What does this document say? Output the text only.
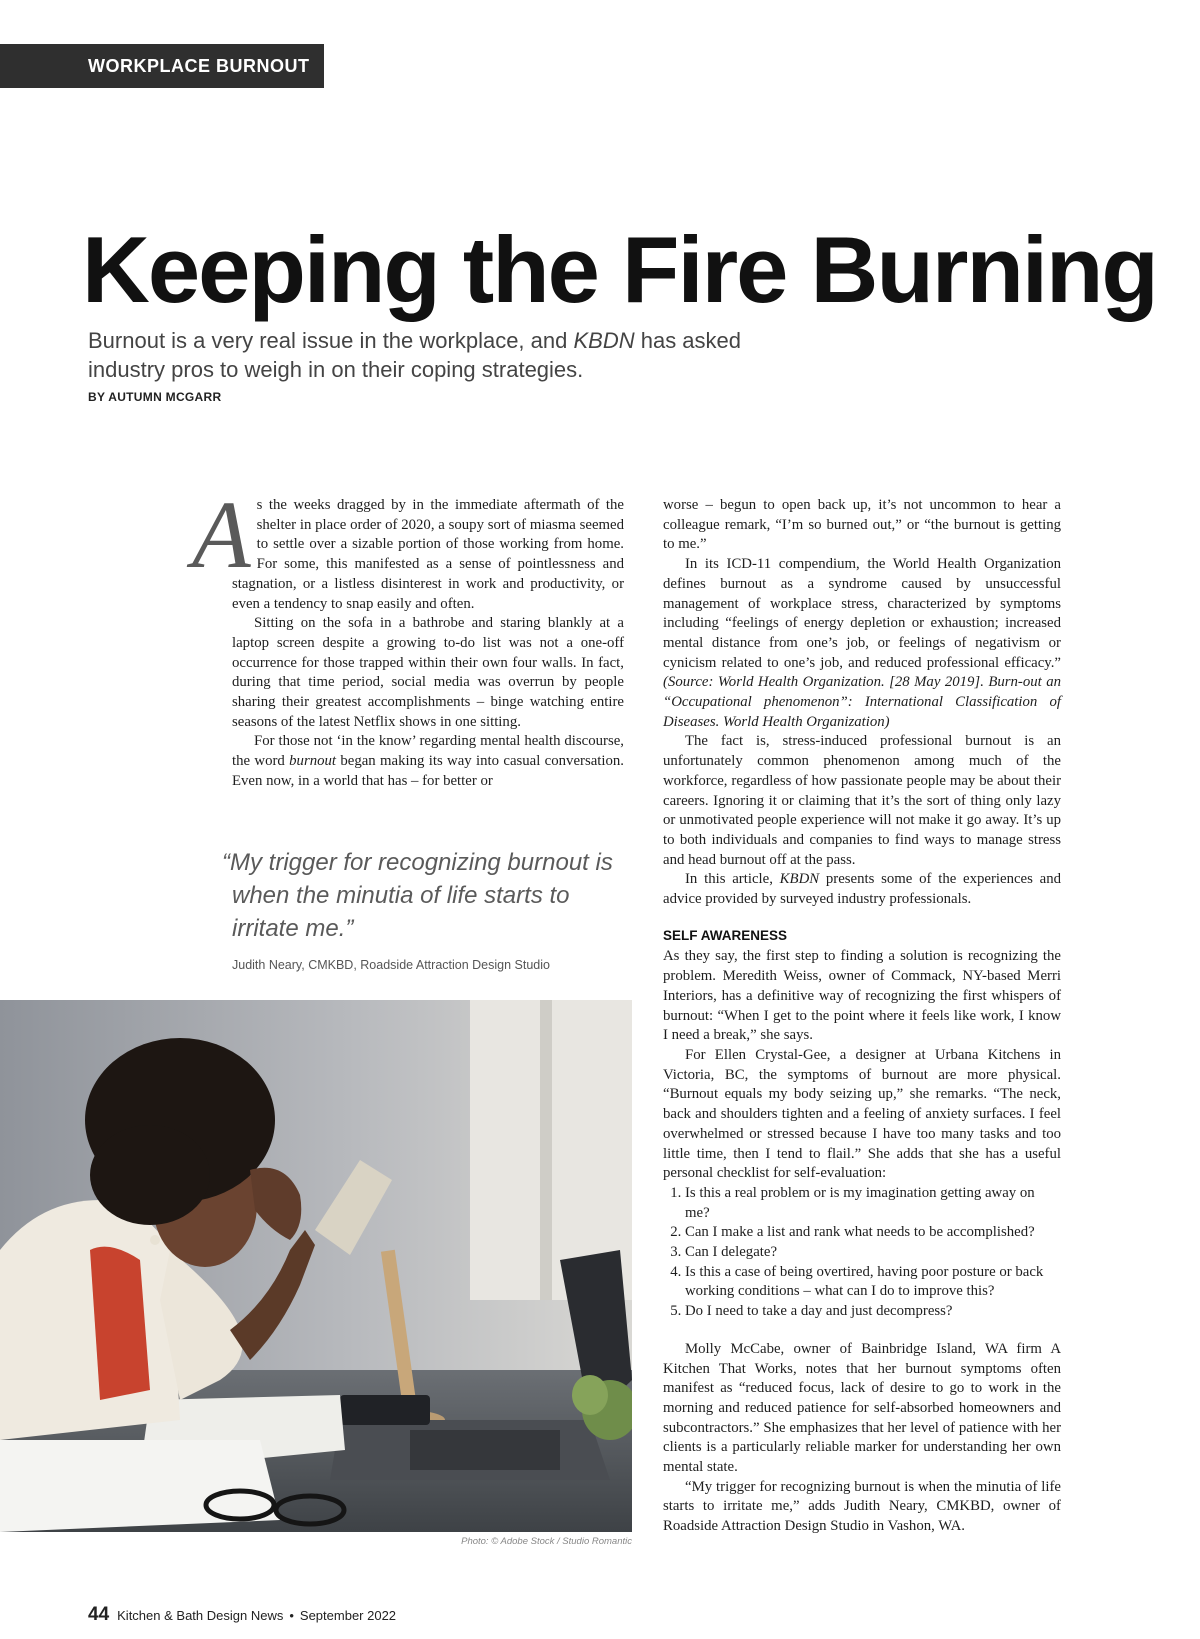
WORKPLACE BURNOUT
Keeping the Fire Burning

Burnout is a very real issue in the workplace, and KBDN has asked industry pros to weigh in on their coping strategies.

BY AUTUMN MCGARR

As the weeks dragged by in the immediate aftermath of the shelter in place order of 2020, a soupy sort of miasma seemed to settle over a sizable portion of those working from home. For some, this manifested as a sense of pointlessness and stagnation, or a listless disinterest in work and productivity, or even a tendency to snap easily and often.

Sitting on the sofa in a bathrobe and staring blankly at a laptop screen despite a growing to-do list was not a one-off occurrence for those trapped within their own four walls. In fact, during that time period, social media was overrun by people sharing their greatest accomplishments – binge watching entire seasons of the latest Netflix shows in one sitting.

For those not ‘in the know’ regarding mental health discourse, the word burnout began making its way into casual conversation. Even now, in a world that has – for better or

“My trigger for recognizing burnout is when the minutia of life starts to irritate me.”
Judith Neary, CMKBD, Roadside Attraction Design Studio
Photo: © Adobe Stock / Studio Romantic

worse – begun to open back up, it’s not uncommon to hear a colleague remark, “I’m so burned out,” or “the burnout is getting to me.”

In its ICD-11 compendium, the World Health Organization defines burnout as a syndrome caused by unsuccessful management of workplace stress, characterized by symptoms including “feelings of energy depletion or exhaustion; increased mental distance from one’s job, or feelings of negativism or cynicism related to one’s job, and reduced professional efficacy.” (Source: World Health Organization. [28 May 2019]. Burn-out an “Occupational phenomenon”: International Classification of Diseases. World Health Organization)

The fact is, stress-induced professional burnout is an unfortunately common phenomenon among much of the workforce, regardless of how passionate people may be about their careers. Ignoring it or claiming that it’s the sort of thing only lazy or unmotivated people experience will not make it go away. It’s up to both individuals and companies to find ways to manage stress and head burnout off at the pass.

In this article, KBDN presents some of the experiences and advice provided by surveyed industry professionals.

SELF AWARENESS

As they say, the first step to finding a solution is recognizing the problem. Meredith Weiss, owner of Commack, NY-based Merri Interiors, has a definitive way of recognizing the first whispers of burnout: “When I get to the point where it feels like work, I know I need a break,” she says.

For Ellen Crystal-Gee, a designer at Urbana Kitchens in Victoria, BC, the symptoms of burnout are more physical. “Burnout equals my body seizing up,” she remarks. “The neck, back and shoulders tighten and a feeling of anxiety surfaces. I feel overwhelmed or stressed because I have too many tasks and too little time, then I tend to flail.” She adds that she has a useful personal checklist for self-evaluation:

1. Is this a real problem or is my imagination getting away on me?
2. Can I make a list and rank what needs to be accomplished?
3. Can I delegate?
4. Is this a case of being overtired, having poor posture or back working conditions – what can I do to improve this?
5. Do I need to take a day and just decompress?

Molly McCabe, owner of Bainbridge Island, WA firm A Kitchen That Works, notes that her burnout symptoms often manifest as “reduced focus, lack of desire to go to work in the morning and reduced patience for self-absorbed homeowners and subcontractors.” She emphasizes that her level of patience with her clients is a particularly reliable marker for understanding her own mental state.

“My trigger for recognizing burnout is when the minutia of life starts to irritate me,” adds Judith Neary, CMKBD, owner of Roadside Attraction Design Studio in Vashon, WA.

44 Kitchen & Bath Design News • September 2022
